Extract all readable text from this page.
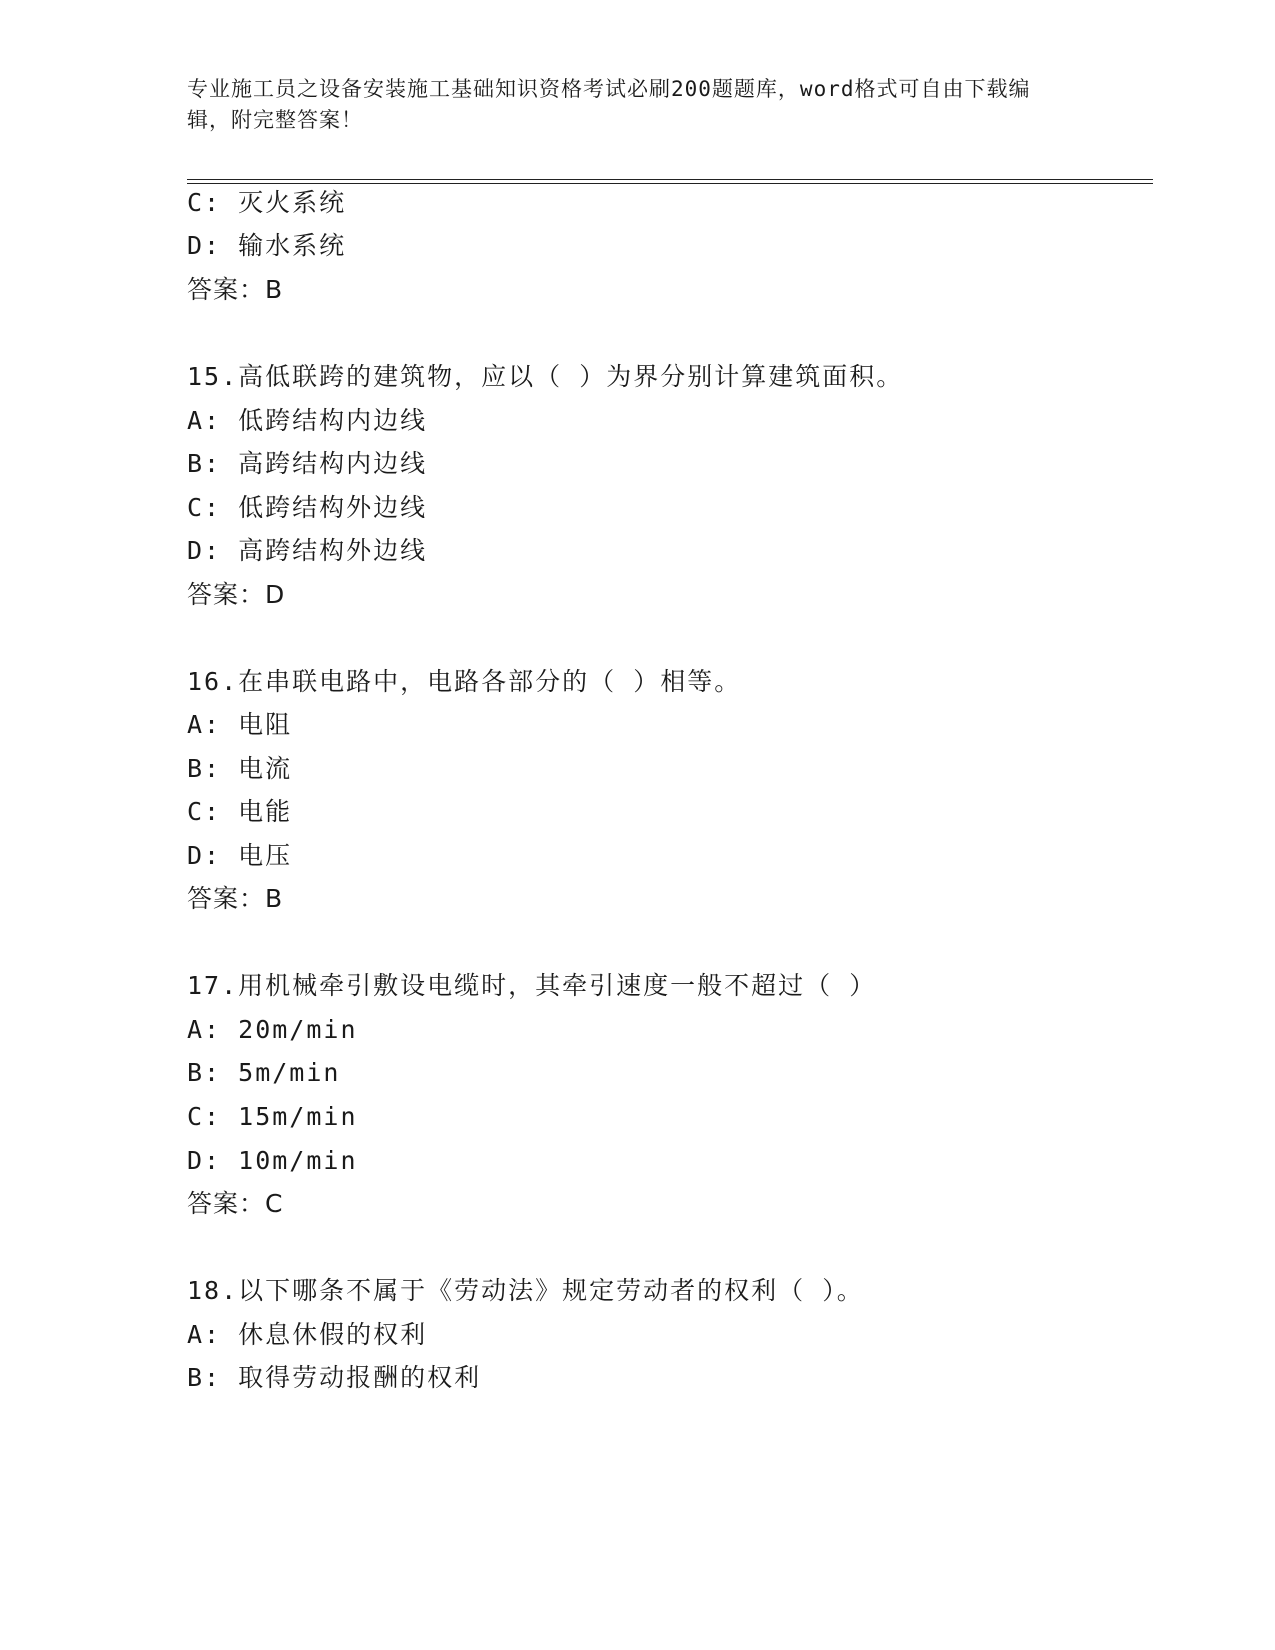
专业施工员之设备安装施工基础知识资格考试必刷200题题库，word格式可自由下载编辑，附完整答案！
C: 灭火系统
D: 输水系统
答案：B
15.高低联跨的建筑物，应以（ ）为界分别计算建筑面积。
A: 低跨结构内边线
B: 高跨结构内边线
C: 低跨结构外边线
D: 高跨结构外边线
答案：D
16.在串联电路中，电路各部分的（ ）相等。
A: 电阻
B: 电流
C: 电能
D: 电压
答案：B
17.用机械牵引敷设电缆时，其牵引速度一般不超过（ ）
A: 20m/min
B: 5m/min
C: 15m/min
D: 10m/min
答案：C
18.以下哪条不属于《劳动法》规定劳动者的权利（ ）。
A: 休息休假的权利
B: 取得劳动报酬的权利
